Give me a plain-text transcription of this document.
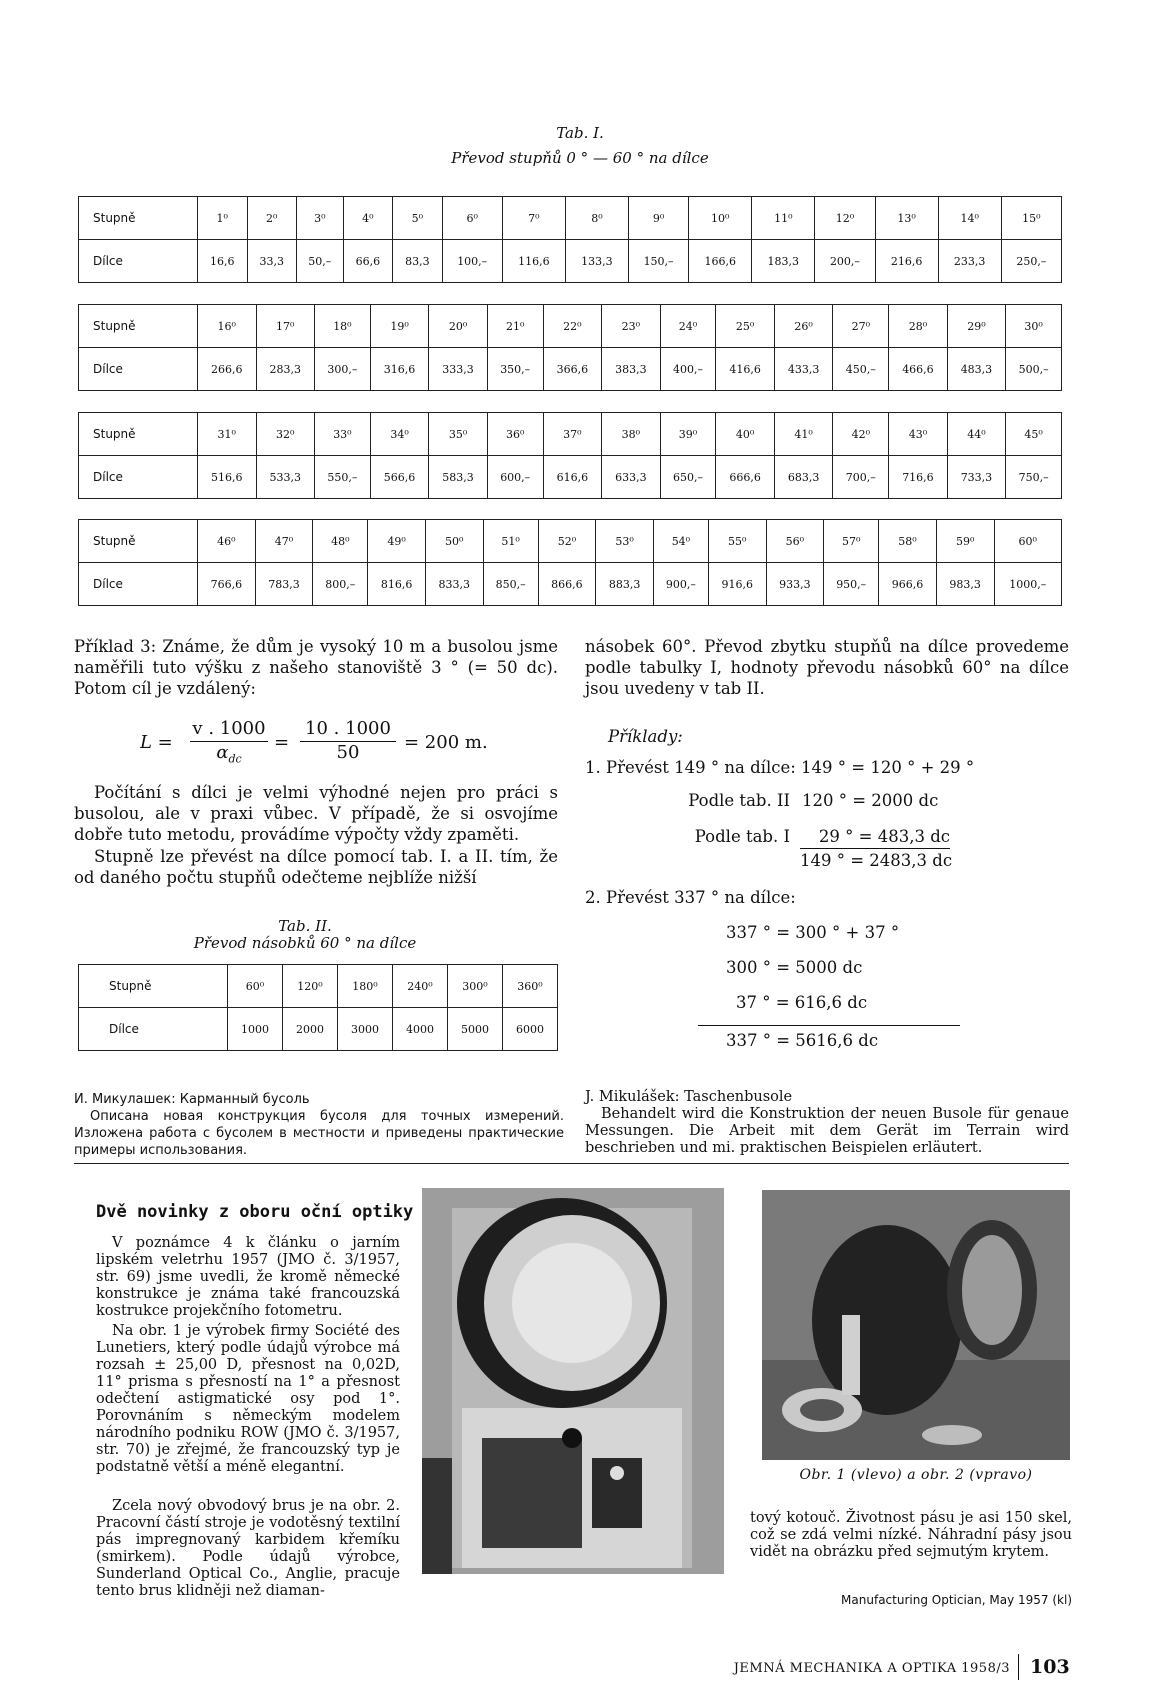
Tab. I.
Převod stupňů 0 ° — 60 ° na dílce
Stupně	1⁰	2⁰	3⁰	4⁰	5⁰	6⁰	7⁰	8⁰	9⁰	10⁰	11⁰	12⁰	13⁰	14⁰	15⁰
Dílce	16,6	33,3	50,–	66,6	83,3	100,–	116,6	133,3	150,–	166,6	183,3	200,–	216,6	233,3	250,–
Stupně	16⁰	17⁰	18⁰	19⁰	20⁰	21⁰	22⁰	23⁰	24⁰	25⁰	26⁰	27⁰	28⁰	29⁰	30⁰
Dílce	266,6	283,3	300,–	316,6	333,3	350,–	366,6	383,3	400,–	416,6	433,3	450,–	466,6	483,3	500,–
Stupně	31⁰	32⁰	33⁰	34⁰	35⁰	36⁰	37⁰	38⁰	39⁰	40⁰	41⁰	42⁰	43⁰	44⁰	45⁰
Dílce	516,6	533,3	550,–	566,6	583,3	600,–	616,6	633,3	650,–	666,6	683,3	700,–	716,6	733,3	750,–
Stupně	46⁰	47⁰	48⁰	49⁰	50⁰	51⁰	52⁰	53⁰	54⁰	55⁰	56⁰	57⁰	58⁰	59⁰	60⁰
Dílce	766,6	783,3	800,–	816,6	833,3	850,–	866,6	883,3	900,–	916,6	933,3	950,–	966,6	983,3	1000,–
Příklad 3: Známe, že dům je vysoký 10 m a busolou jsme naměřili tuto výšku z našeho stanoviště 3 ° (= 50 dc). Potom cíl je vzdálený:
L =
v . 1000
$\alpha_{dc}$
= $\frac{10 . 1000}{50} = 200$ m.
Počítání s dílci je velmi výhodné nejen pro práci s busolou, ale v praxi vůbec. V případě, že si osvojíme dobře tuto metodu, provádíme výpočty vždy zpaměti.
Stupně lze převést na dílce pomocí tab. I. a II. tím, že od daného počtu stupňů odečteme nejblíže nižší
Tab. II.
Převod násobků 60 ° na dílce
Stupně	60⁰	120⁰	180⁰	240⁰	300⁰	360⁰
Dílce	1000	2000	3000	4000	5000	6000
násobek 60°. Převod zbytku stupňů na dílce provedeme podle tabulky I, hodnoty převodu násobků 60° na dílce jsou uvedeny v tab II.
Příklady:
1. Převést 149 ° na dílce: 149 ° = 120 ° + 29 °
Podle tab. II 120 ° = 2000 dc
Podle tab. I	29 ° = 483,3 dc
149 ° = 2483,3 dc
2. Převést 337 ° na dílce:
337 ° = 300 ° + 37 °
300 ° = 5000 dc
37 ° = 616,6 dc
337 ° = 5616,6 dc
И. Микулашек: Карманный бусоль
Описана новая конструкция бусоля для точных измерений. Изложена работа с бусолем в местности и приведены практические примеры использования.
J. Mikulášek: Taschenbusole
Behandelt wird die Konstruktion der neuen Busole für genaue Messungen. Die Arbeit mit dem Gerät im Terrain wird beschrieben und mi. praktischen Beispielen erläutert.
Dvě novinky z oboru oční optiky
V poznámce 4 k článku o jarním lipském veletrhu 1957 (JMO č. 3/1957, str. 69) jsme uvedli, že kromě německé konstrukce je známa také francouzská kostrukce projekčního fotometru.
Na obr. 1 je výrobek firmy Société des Lunetiers, který podle údajů výrobce má rozsah ± 25,00 D, přesnost na 0,02D, 11° prisma s přesností na 1° a přesnost odečtení astigmatické osy pod 1°. Porovnáním s německým modelem národního podniku ROW (JMO č. 3/1957, str. 70) je zřejmé, že francouzský typ je podstatně větší a méně elegantní.
Zcela nový obvodový brus je na obr. 2. Pracovní částí stroje je vodotěsný textilní pás impregnovaný karbidem křemíku (smirkem). Podle údajů výrobce, Sunderland Optical Co., Anglie, pracuje tento brus klidněji než diaman-
Obr. 1 (vlevo) a obr. 2 (vpravo)
tový kotouč. Životnost pásu je asi 150 skel, což se zdá velmi nízké. Náhradní pásy jsou vidět na obrázku před sejmutým krytem.
Manufacturing Optician, May 1957 (kl)
JEMNÁ MECHANIKA A OPTIKA 1958/3 103
